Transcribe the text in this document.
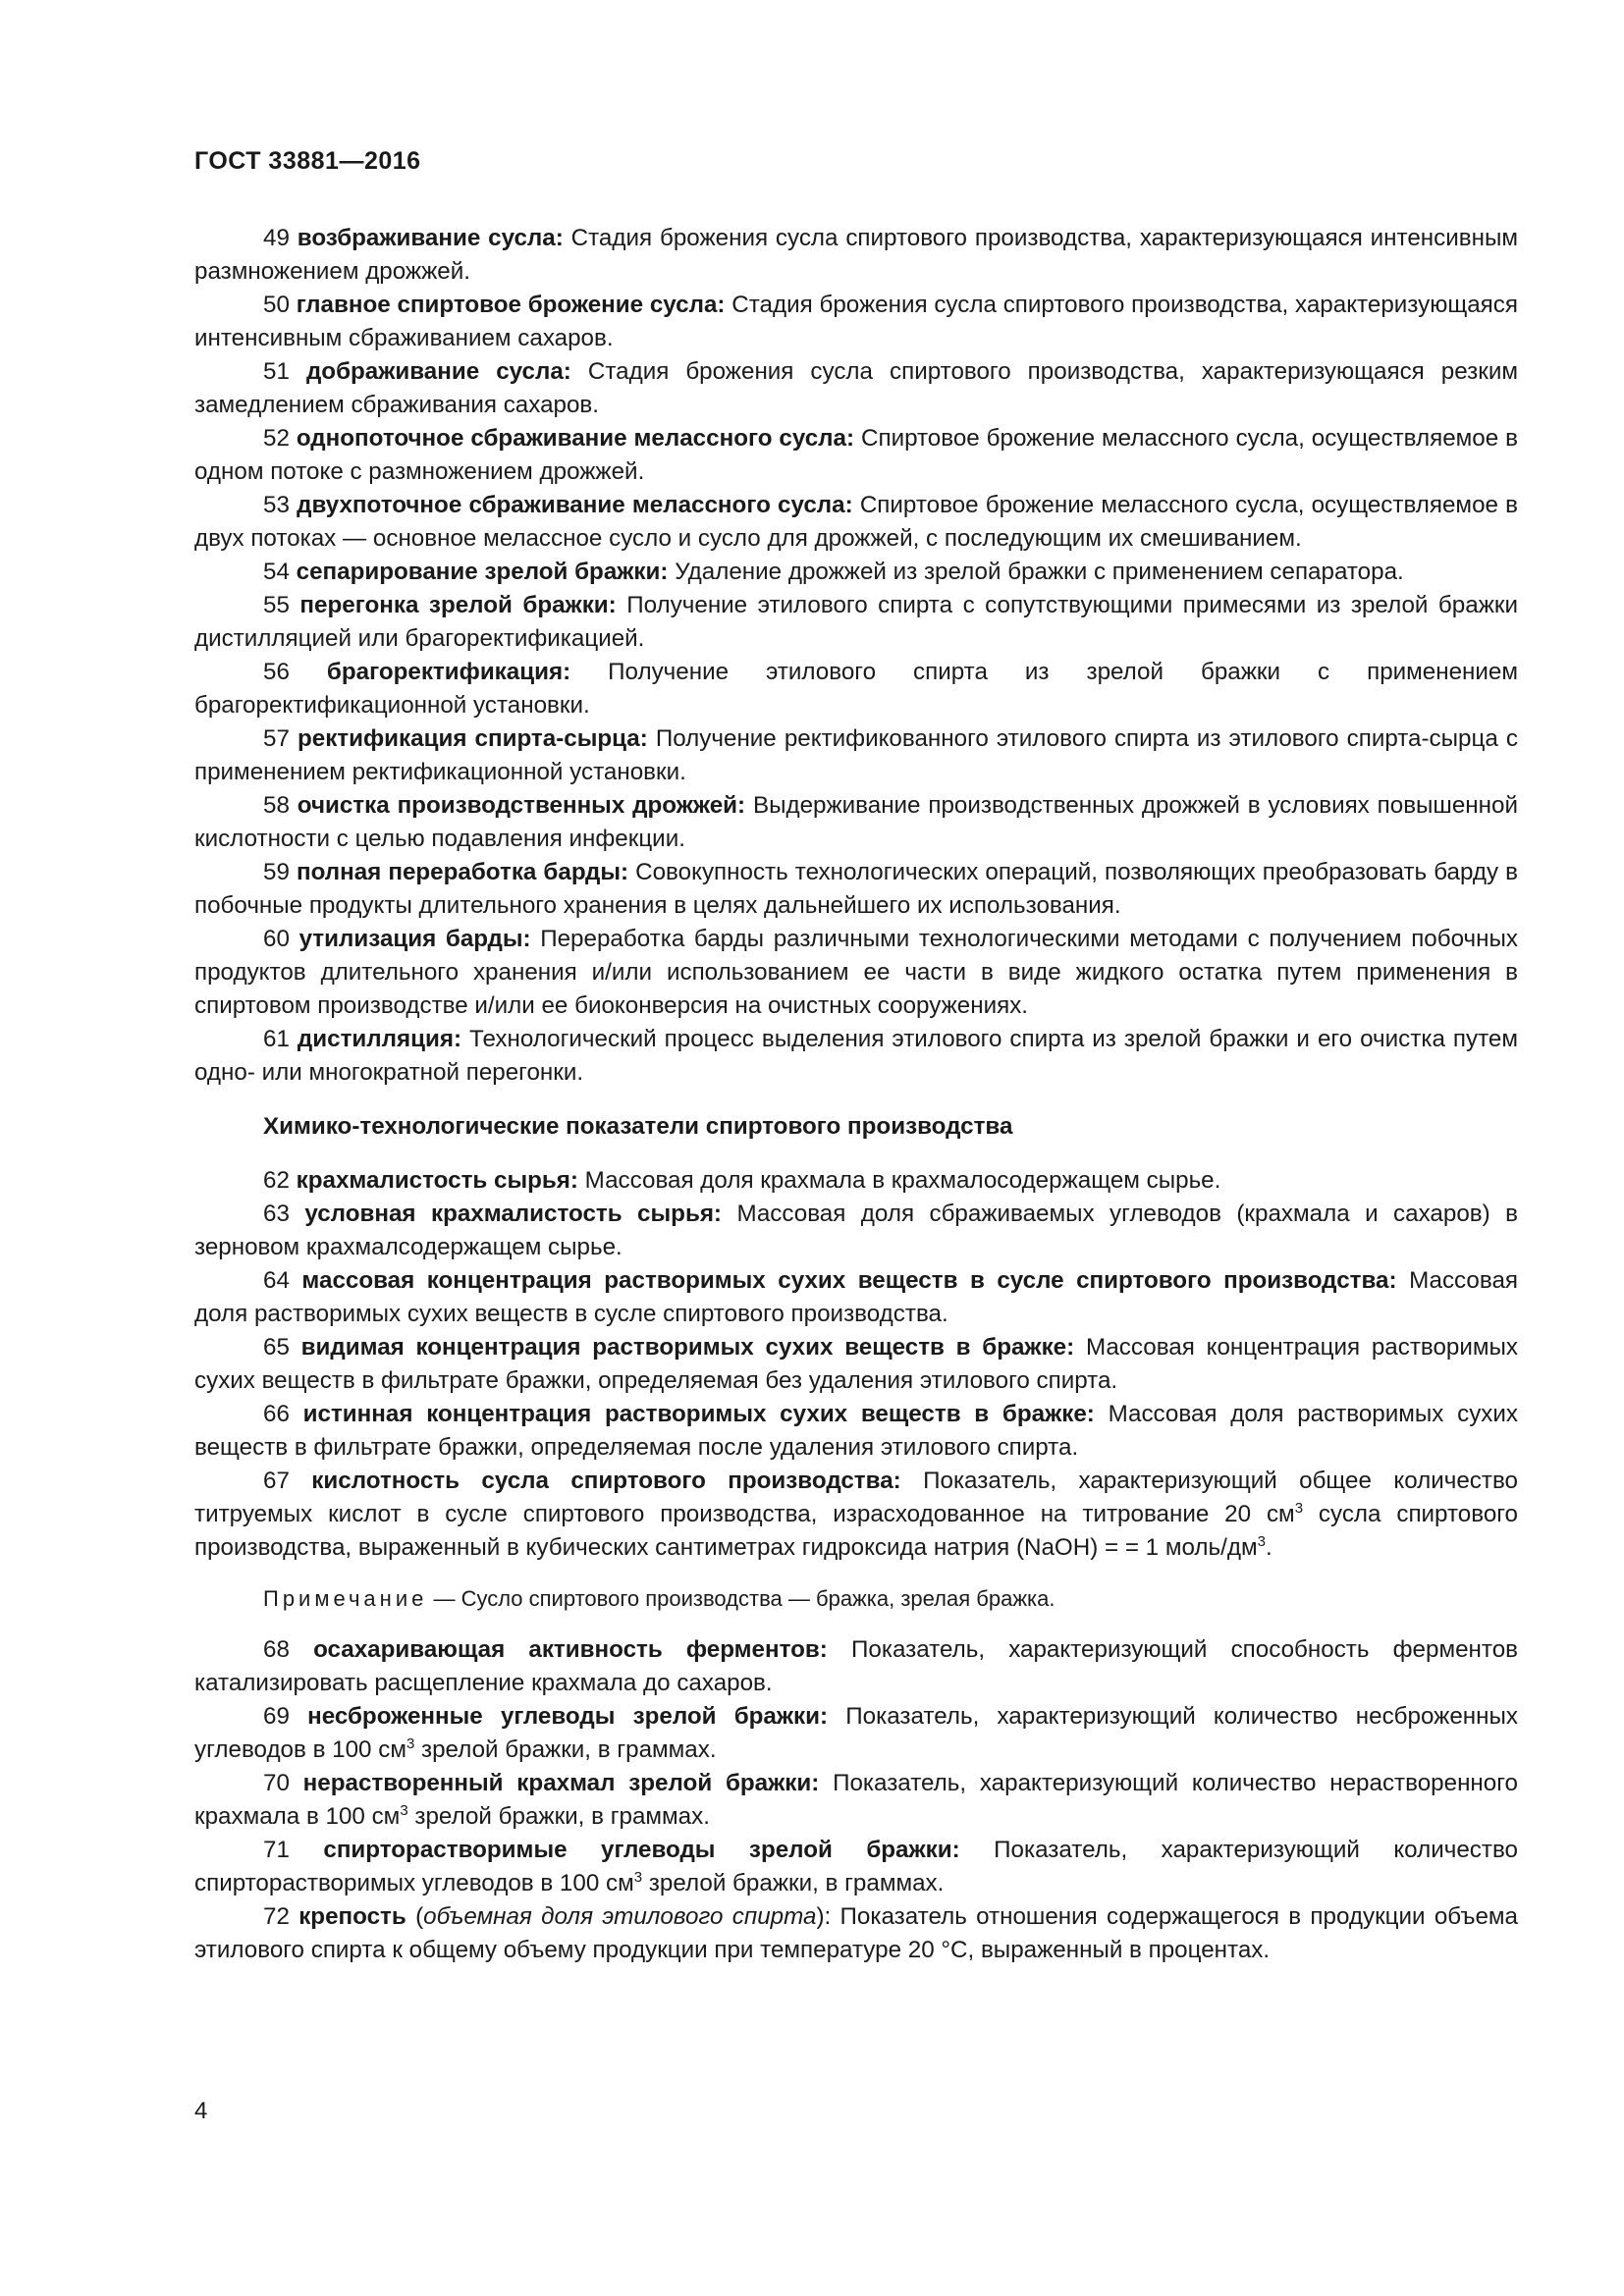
ГОСТ 33881—2016

49 возбраживание сусла: Стадия брожения сусла спиртового производства, характеризующаяся интенсивным размножением дрожжей.

50 главное спиртовое брожение сусла: Стадия брожения сусла спиртового производства, характеризующаяся интенсивным сбраживанием сахаров.

51 дображивание сусла: Стадия брожения сусла спиртового производства, характеризующаяся резким замедлением сбраживания сахаров.

52 однопоточное сбраживание мелассного сусла: Спиртовое брожение мелассного сусла, осуществляемое в одном потоке с размножением дрожжей.

53 двухпоточное сбраживание мелассного сусла: Спиртовое брожение мелассного сусла, осуществляемое в двух потоках — основное мелассное сусло и сусло для дрожжей, с последующим их смешиванием.

54 сепарирование зрелой бражки: Удаление дрожжей из зрелой бражки с применением сепаратора.

55 перегонка зрелой бражки: Получение этилового спирта с сопутствующими примесями из зрелой бражки дистилляцией или брагоректификацией.

56 брагоректификация: Получение этилового спирта из зрелой бражки с применением брагоректификационной установки.

57 ректификация спирта-сырца: Получение ректификованного этилового спирта из этилового спирта-сырца с применением ректификационной установки.

58 очистка производственных дрожжей: Выдерживание производственных дрожжей в условиях повышенной кислотности с целью подавления инфекции.

59 полная переработка барды: Совокупность технологических операций, позволяющих преобразовать барду в побочные продукты длительного хранения в целях дальнейшего их использования.

60 утилизация барды: Переработка барды различными технологическими методами с получением побочных продуктов длительного хранения и/или использованием ее части в виде жидкого остатка путем применения в спиртовом производстве и/или ее биоконверсия на очистных сооружениях.

61 дистилляция: Технологический процесс выделения этилового спирта из зрелой бражки и его очистка путем одно- или многократной перегонки.

Химико-технологические показатели спиртового производства

62 крахмалистость сырья: Массовая доля крахмала в крахмалосодержащем сырье.

63 условная крахмалистость сырья: Массовая доля сбраживаемых углеводов (крахмала и сахаров) в зерновом крахмалсодержащем сырье.

64 массовая концентрация растворимых сухих веществ в сусле спиртового производства: Массовая доля растворимых сухих веществ в сусле спиртового производства.

65 видимая концентрация растворимых сухих веществ в бражке: Массовая концентрация растворимых сухих веществ в фильтрате бражки, определяемая без удаления этилового спирта.

66 истинная концентрация растворимых сухих веществ в бражке: Массовая доля растворимых сухих веществ в фильтрате бражки, определяемая после удаления этилового спирта.

67 кислотность сусла спиртового производства: Показатель, характеризующий общее количество титруемых кислот в сусле спиртового производства, израсходованное на титрование 20 $см^3$ сусла спиртового производства, выраженный в кубических сантиметрах гидроксида натрия (NaOH) = = 1 моль/$дм^3$.

Примечание — Сусло спиртового производства — бражка, зрелая бражка.

68 осахаривающая активность ферментов: Показатель, характеризующий способность ферментов катализировать расщепление крахмала до сахаров.

69 несброженные углеводы зрелой бражки: Показатель, характеризующий количество несброженных углеводов в 100 $см^3$ зрелой бражки, в граммах.

70 нерастворенный крахмал зрелой бражки: Показатель, характеризующий количество нерастворенного крахмала в 100 $см^3$ зрелой бражки, в граммах.

71 спирторастворимые углеводы зрелой бражки: Показатель, характеризующий количество спирторастворимых углеводов в 100 $см^3$ зрелой бражки, в граммах.

72 крепость (объемная доля этилового спирта): Показатель отношения содержащегося в продукции объема этилового спирта к общему объему продукции при температуре 20 °С, выраженный в процентах.

4
